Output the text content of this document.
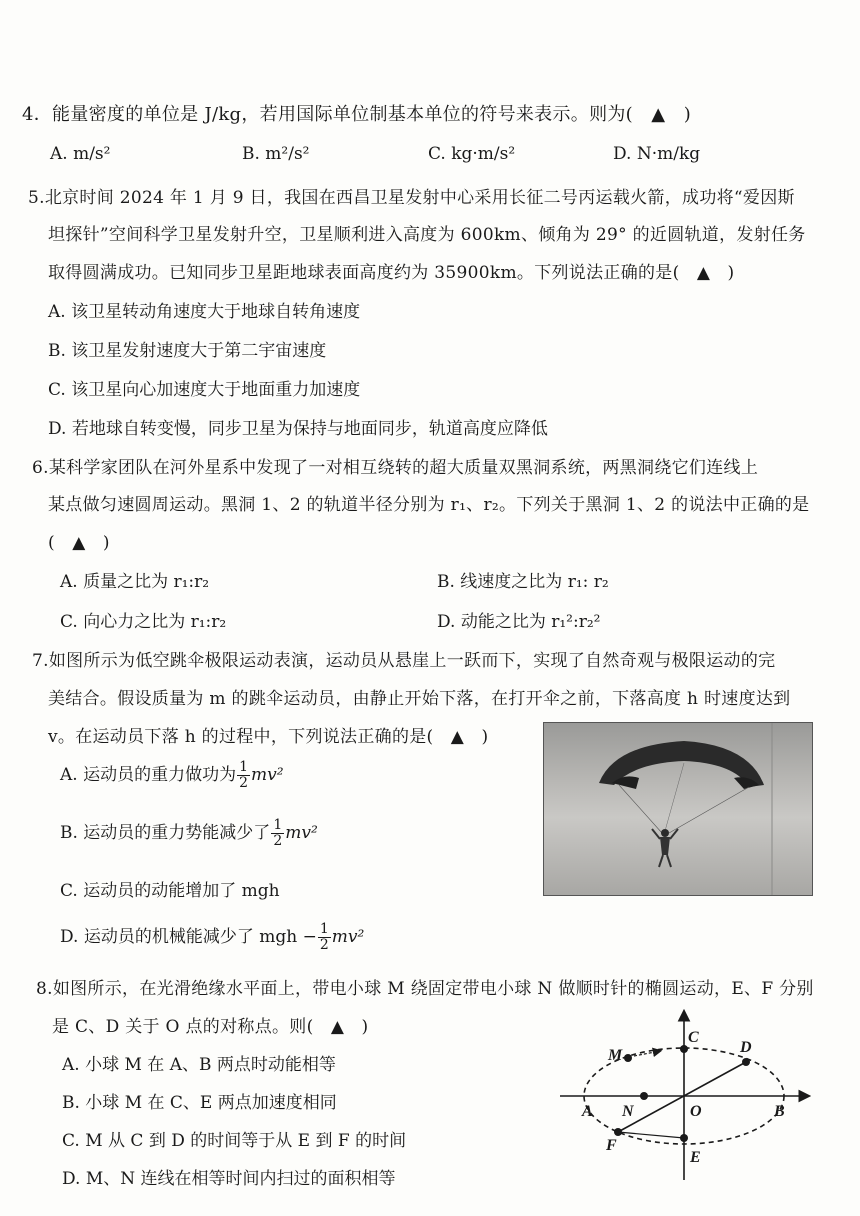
4．能量密度的单位是 J/kg，若用国际单位制基本单位的符号来表示。则为(　▲　)
A. m/s²	B. m²/s²	C. kg·m/s²	D. N·m/kg
5.北京时间 2024 年 1 月 9 日，我国在西昌卫星发射中心采用长征二号丙运载火箭，成功将“爱因斯
坦探针”空间科学卫星发射升空，卫星顺利进入高度为 600km、倾角为 29° 的近圆轨道，发射任务
取得圆满成功。已知同步卫星距地球表面高度约为 35900km。下列说法正确的是(　▲　)
A. 该卫星转动角速度大于地球自转角速度
B. 该卫星发射速度大于第二宇宙速度
C. 该卫星向心加速度大于地面重力加速度
D. 若地球自转变慢，同步卫星为保持与地面同步，轨道高度应降低
6.某科学家团队在河外星系中发现了一对相互绕转的超大质量双黑洞系统，两黑洞绕它们连线上
某点做匀速圆周运动。黑洞 1、2 的轨道半径分别为 r₁、r₂。下列关于黑洞 1、2 的说法中正确的是
(　▲　)
A. 质量之比为 r₁:r₂	B. 线速度之比为 r₁: r₂
C. 向心力之比为 r₁:r₂	D. 动能之比为 r₁²:r₂²
7.如图所示为低空跳伞极限运动表演，运动员从悬崖上一跃而下，实现了自然奇观与极限运动的完
美结合。假设质量为 m 的跳伞运动员，由静止开始下落，在打开伞之前，下落高度 h 时速度达到
v。在运动员下落 h 的过程中，下列说法正确的是(　▲　)
A. 运动员的重力做功为 $\frac{1}{2} mv^2$
B. 运动员的重力势能减少了 $\frac{1}{2} mv^2$
C. 运动员的动能增加了 mgh
D. 运动员的机械能减少了 mgh − $\frac{1}{2} mv^2$
8.如图所示，在光滑绝缘水平面上，带电小球 M 绕固定带电小球 N 做顺时针的椭圆运动，E、F 分别
是 C、D 关于 O 点的对称点。则(　▲　)
A. 小球 M 在 A、B 两点时动能相等
B. 小球 M 在 C、E 两点加速度相同
C. M 从 C 到 D 的时间等于从 E 到 F 的时间
D. M、N 连线在相等时间内扫过的面积相等
M
C
D
A N	O	B
F
E
